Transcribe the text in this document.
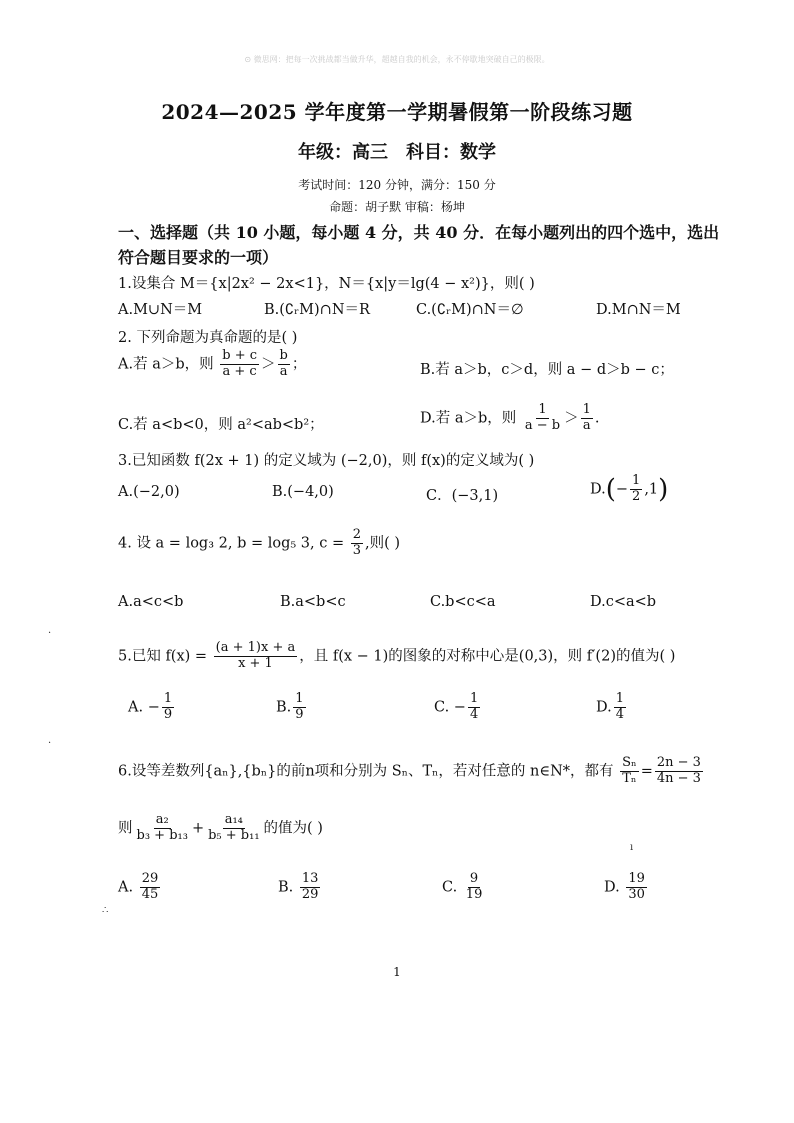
⊙ 微思网：把每一次挑战都当做升华，超越自我的机会，永不停歇地突破自己的极限。
2024—2025 学年度第一学期暑假第一阶段练习题
年级：高三 科目：数学
考试时间：120 分钟，满分：150 分
命题：胡子默 审稿：杨坤
一、选择题（共 10 小题，每小题 4 分，共 40 分．在每小题列出的四个选中，选出
符合题目要求的一项）
1.设集合 M＝{x|2x² − 2x<1}，N＝{x|y＝lg(4 − x²)}，则( )
A.M∪N＝M	B.(∁ᵣM)∩N＝R	C.(∁ᵣM)∩N＝∅	D.M∩N＝M
2. 下列命题为真命题的是( )
A.若 a＞b，则 $\frac{b + c}{a + c} > \frac{b}{a}$ ；	B.若 a＞b，c＞d，则 a − d＞b − c；
C.若 a<b<0，则 a²<ab<b²；	D.若 a＞b，则 $\frac{1}{a - b} > \frac{1}{a}$ .
3.已知函数 f(2x + 1) 的定义域为 (−2,0)，则 f(x)的定义域为( )
A.(−2,0)	B.(−4,0)	C．(−3,1)	$D.(- \frac{1}{2} ,1)$
4. 设 a = log₃ 2, b = log₅ 3, $c = \frac{2}{3}$ ,则( )
A.a<c<b	B.a<b<c	C.b<c<a	D.c<a<b
5.已知 $f(x) = \frac{(a + 1)x + a}{x + 1}$ ，且 f(x − 1)的图象的对称中心是(0,3)，则 f′(2)的值为( )
A. − $\frac{1}{9}$	B. $\frac{1}{9}$	C. − $\frac{1}{4}$	D. $\frac{1}{4}$
6.设等差数列{aₙ},{bₙ}的前n项和分别为 Sₙ、Tₙ，若对任意的 n∈N*，都有 $\frac{\text{Sₙ}}{\text{Tₙ}} = \frac{2n - 3}{4n - 3}$
则 $\frac{\text{a₂}}{\text{b₃ + b₁₃}} + \frac{\text{a₁₄}}{\text{b₅ + b₁₁}}$ 的值为( )
A. $\frac{29}{45}$	B. $\frac{13}{29}$	C. $\frac{9}{19}$	D. $\frac{19}{30}$
1
·
·
∴
ı
